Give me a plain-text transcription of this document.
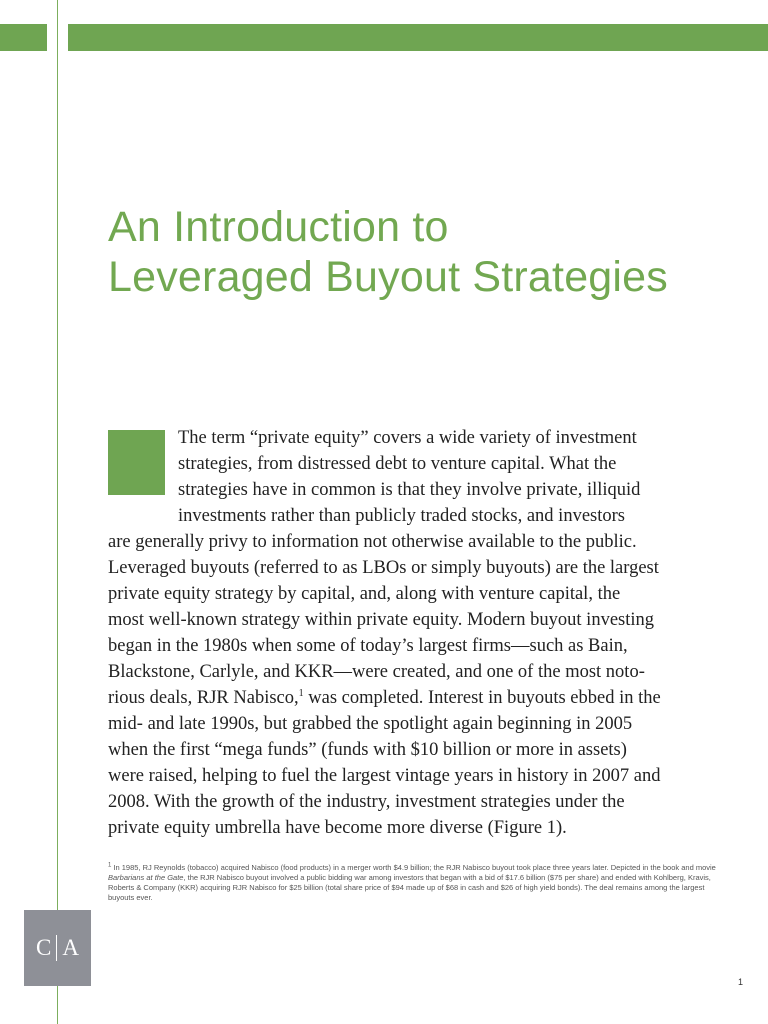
An Introduction to
Leveraged Buyout Strategies

The term “private equity” covers a wide variety of investment
strategies, from distressed debt to venture capital. What the
strategies have in common is that they involve private, illiquid
investments rather than publicly traded stocks, and investors
are generally privy to information not otherwise available to the public.
Leveraged buyouts (referred to as LBOs or simply buyouts) are the largest
private equity strategy by capital, and, along with venture capital, the
most well-known strategy within private equity. Modern buyout investing
began in the 1980s when some of today’s largest firms—such as Bain,
Blackstone, Carlyle, and KKR—were created, and one of the most noto-
rious deals, RJR Nabisco,$^1$ was completed. Interest in buyouts ebbed in the
mid- and late 1990s, but grabbed the spotlight again beginning in 2005
when the first “mega funds” (funds with $10 billion or more in assets)
were raised, helping to fuel the largest vintage years in history in 2007 and
2008. With the growth of the industry, investment strategies under the
private equity umbrella have become more diverse (Figure 1).

$^1$ In 1985, RJ Reynolds (tobacco) acquired Nabisco (food products) in a merger worth $4.9 billion; the RJR Nabisco buyout took place three years later. Depicted in the book and movie Barbarians at the Gate, the RJR Nabisco buyout involved a public bidding war among investors that began with a bid of $17.6 billion ($75 per share) and ended with Kohlberg, Kravis, Roberts & Company (KKR) acquiring RJR Nabisco for $25 billion (total share price of $94 made up of $68 in cash and $26 of high yield bonds). The deal remains among the largest buyouts ever.

C A
1
